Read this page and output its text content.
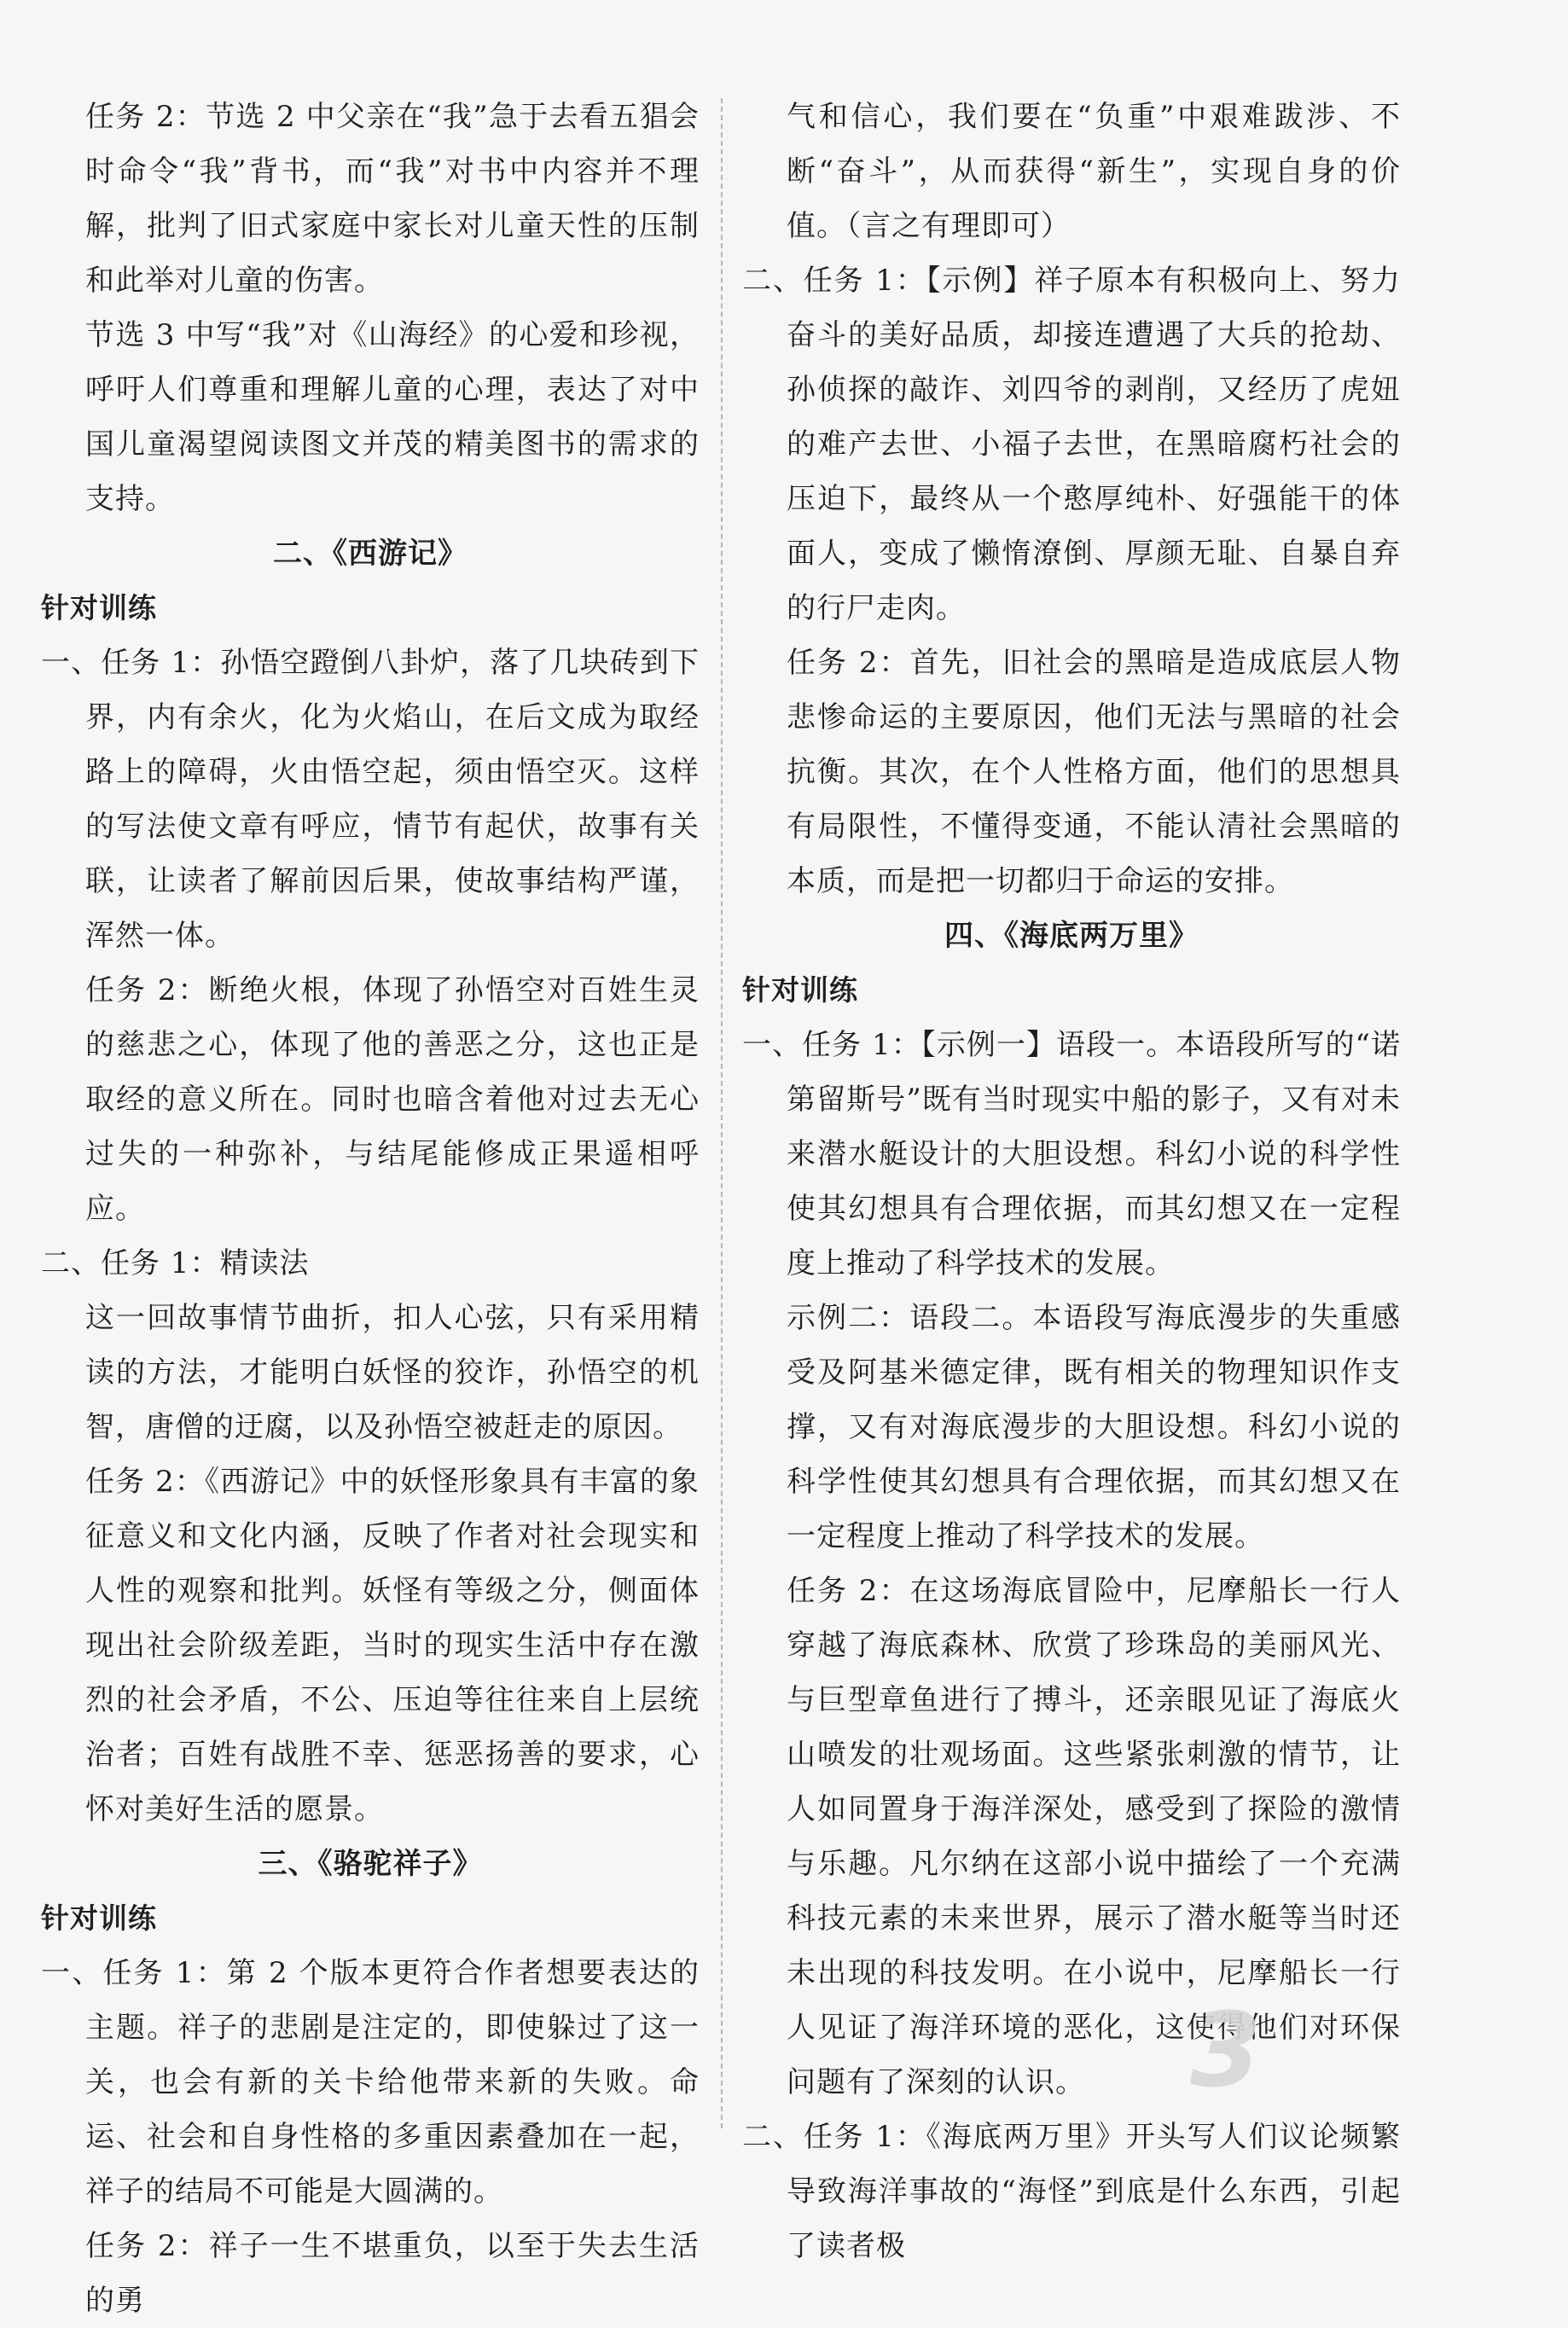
任务 2：节选 2 中父亲在“我”急于去看五猖会时命令“我”背书，而“我”对书中内容并不理解，批判了旧式家庭中家长对儿童天性的压制和此举对儿童的伤害。

节选 3 中写“我”对《山海经》的心爱和珍视，呼吁人们尊重和理解儿童的心理，表达了对中国儿童渴望阅读图文并茂的精美图书的需求的支持。

二、《西游记》

针对训练

一、任务 1：孙悟空蹬倒八卦炉，落了几块砖到下界，内有余火，化为火焰山，在后文成为取经路上的障碍，火由悟空起，须由悟空灭。这样的写法使文章有呼应，情节有起伏，故事有关联，让读者了解前因后果，使故事结构严谨，浑然一体。

任务 2：断绝火根，体现了孙悟空对百姓生灵的慈悲之心，体现了他的善恶之分，这也正是取经的意义所在。同时也暗含着他对过去无心过失的一种弥补，与结尾能修成正果遥相呼应。

二、任务 1：精读法

这一回故事情节曲折，扣人心弦，只有采用精读的方法，才能明白妖怪的狡诈，孙悟空的机智，唐僧的迂腐，以及孙悟空被赶走的原因。

任务 2：《西游记》中的妖怪形象具有丰富的象征意义和文化内涵，反映了作者对社会现实和人性的观察和批判。妖怪有等级之分，侧面体现出社会阶级差距，当时的现实生活中存在激烈的社会矛盾，不公、压迫等往往来自上层统治者；百姓有战胜不幸、惩恶扬善的要求，心怀对美好生活的愿景。

三、《骆驼祥子》

针对训练

一、任务 1：第 2 个版本更符合作者想要表达的主题。祥子的悲剧是注定的，即使躲过了这一关，也会有新的关卡给他带来新的失败。命运、社会和自身性格的多重因素叠加在一起，祥子的结局不可能是大圆满的。

任务 2：祥子一生不堪重负，以至于失去生活的勇

气和信心，我们要在“负重”中艰难跋涉、不断“奋斗”，从而获得“新生”，实现自身的价值。（言之有理即可）

二、任务 1：【示例】祥子原本有积极向上、努力奋斗的美好品质，却接连遭遇了大兵的抢劫、孙侦探的敲诈、刘四爷的剥削，又经历了虎妞的难产去世、小福子去世，在黑暗腐朽社会的压迫下，最终从一个憨厚纯朴、好强能干的体面人，变成了懒惰潦倒、厚颜无耻、自暴自弃的行尸走肉。

任务 2：首先，旧社会的黑暗是造成底层人物悲惨命运的主要原因，他们无法与黑暗的社会抗衡。其次，在个人性格方面，他们的思想具有局限性，不懂得变通，不能认清社会黑暗的本质，而是把一切都归于命运的安排。

四、《海底两万里》

针对训练

一、任务 1：【示例一】语段一。本语段所写的“诺第留斯号”既有当时现实中船的影子，又有对未来潜水艇设计的大胆设想。科幻小说的科学性使其幻想具有合理依据，而其幻想又在一定程度上推动了科学技术的发展。

示例二：语段二。本语段写海底漫步的失重感受及阿基米德定律，既有相关的物理知识作支撑，又有对海底漫步的大胆设想。科幻小说的科学性使其幻想具有合理依据，而其幻想又在一定程度上推动了科学技术的发展。

任务 2：在这场海底冒险中，尼摩船长一行人穿越了海底森林、欣赏了珍珠岛的美丽风光、与巨型章鱼进行了搏斗，还亲眼见证了海底火山喷发的壮观场面。这些紧张刺激的情节，让人如同置身于海洋深处，感受到了探险的激情与乐趣。凡尔纳在这部小说中描绘了一个充满科技元素的未来世界，展示了潜水艇等当时还未出现的科技发明。在小说中，尼摩船长一行人见证了海洋环境的恶化，这使得他们对环保问题有了深刻的认识。

二、任务 1：《海底两万里》开头写人们议论频繁导致海洋事故的“海怪”到底是什么东西，引起了读者极

3
